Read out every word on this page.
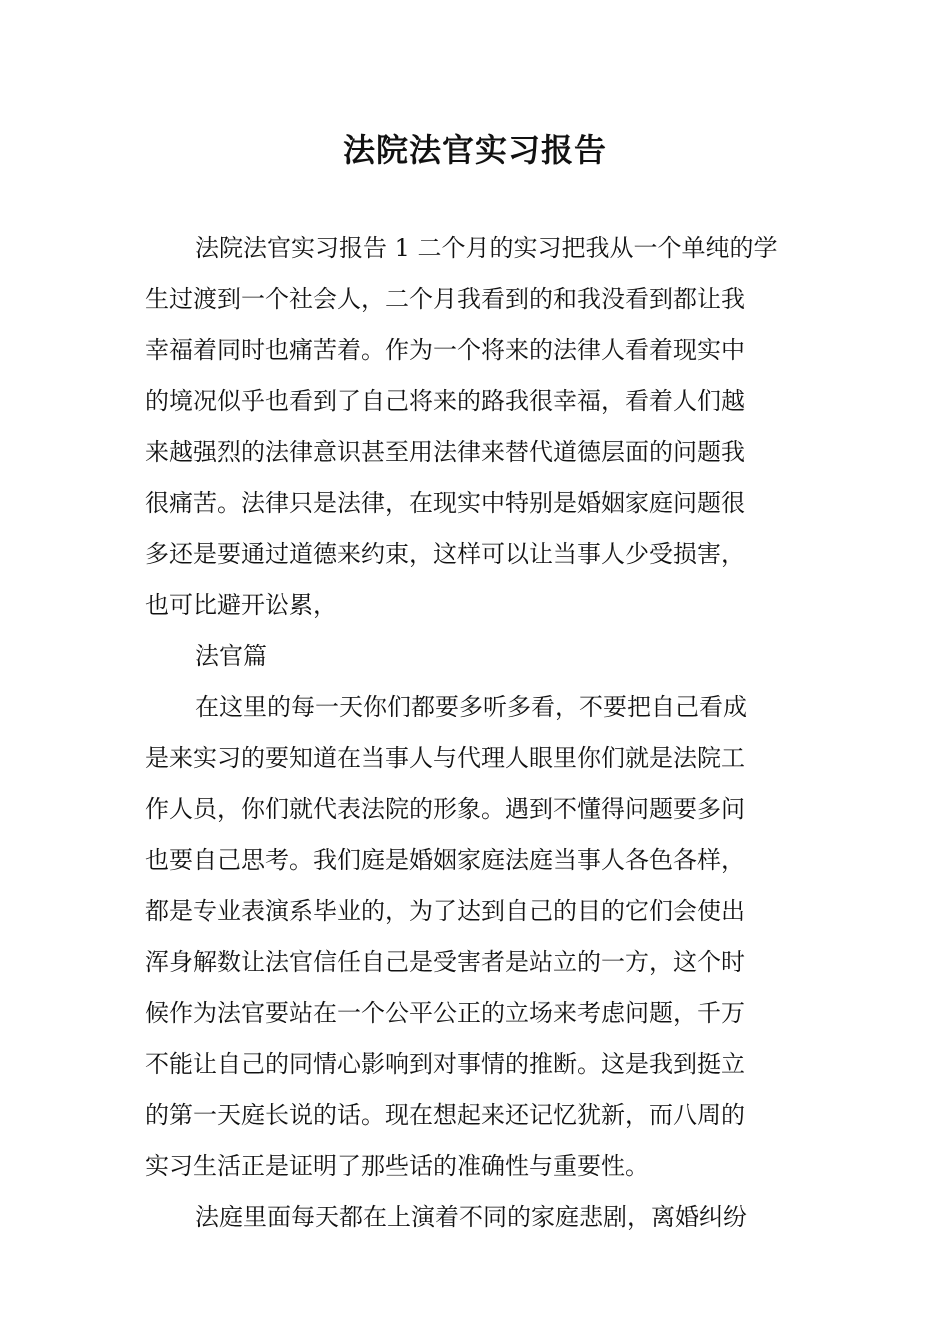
法院法官实习报告
法院法官实习报告 1 二个月的实习把我从一个单纯的学
生过渡到一个社会人，二个月我看到的和我没看到都让我
幸福着同时也痛苦着。作为一个将来的法律人看着现实中
的境况似乎也看到了自己将来的路我很幸福，看着人们越
来越强烈的法律意识甚至用法律来替代道德层面的问题我
很痛苦。法律只是法律，在现实中特别是婚姻家庭问题很
多还是要通过道德来约束，这样可以让当事人少受损害，
也可比避开讼累，
法官篇
在这里的每一天你们都要多听多看，不要把自己看成
是来实习的要知道在当事人与代理人眼里你们就是法院工
作人员，你们就代表法院的形象。遇到不懂得问题要多问
也要自己思考。我们庭是婚姻家庭法庭当事人各色各样，
都是专业表演系毕业的，为了达到自己的目的它们会使出
浑身解数让法官信任自己是受害者是站立的一方，这个时
候作为法官要站在一个公平公正的立场来考虑问题，千万
不能让自己的同情心影响到对事情的推断。这是我到挺立
的第一天庭长说的话。现在想起来还记忆犹新，而八周的
实习生活正是证明了那些话的准确性与重要性。
法庭里面每天都在上演着不同的家庭悲剧，离婚纠纷
